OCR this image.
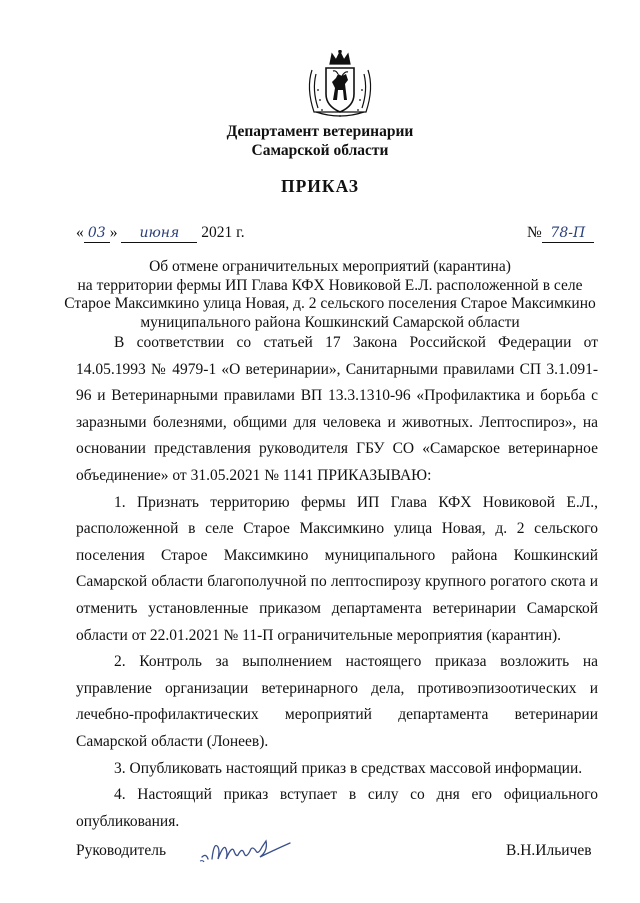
Департамент ветеринарии
Самарской области
ПРИКАЗ
« 03 » июня 2021 г.	№ 78-П
Об отмене ограничительных мероприятий (карантина)
на территории фермы ИП Глава КФХ Новиковой Е.Л. расположенной в селе
Старое Максимкино улица Новая, д. 2 сельского поселения Старое Максимкино
муниципального района Кошкинский Самарской области

В соответствии со статьей 17 Закона Российской Федерации от 14.05.1993 № 4979-1 «О ветеринарии», Санитарными правилами СП 3.1.091-96 и Ветеринарными правилами ВП 13.3.1310-96 «Профилактика и борьба с заразными болезнями, общими для человека и животных. Лептоспироз», на основании представления руководителя ГБУ СО «Самарское ветеринарное объединение» от 31.05.2021 № 1141 ПРИКАЗЫВАЮ:

1. Признать территорию фермы ИП Глава КФХ Новиковой Е.Л., расположенной в селе Старое Максимкино улица Новая, д. 2 сельского поселения Старое Максимкино муниципального района Кошкинский Самарской области благополучной по лептоспирозу крупного рогатого скота и отменить установленные приказом департамента ветеринарии Самарской области от 22.01.2021 № 11-П ограничительные мероприятия (карантин).

2. Контроль за выполнением настоящего приказа возложить на управление организации ветеринарного дела, противоэпизоотических и лечебно-профилактических мероприятий департамента ветеринарии Самарской области (Лонеев).

3. Опубликовать настоящий приказ в средствах массовой информации.

4. Настоящий приказ вступает в силу со дня его официального опубликования.

Руководитель	В.Н.Ильичев
